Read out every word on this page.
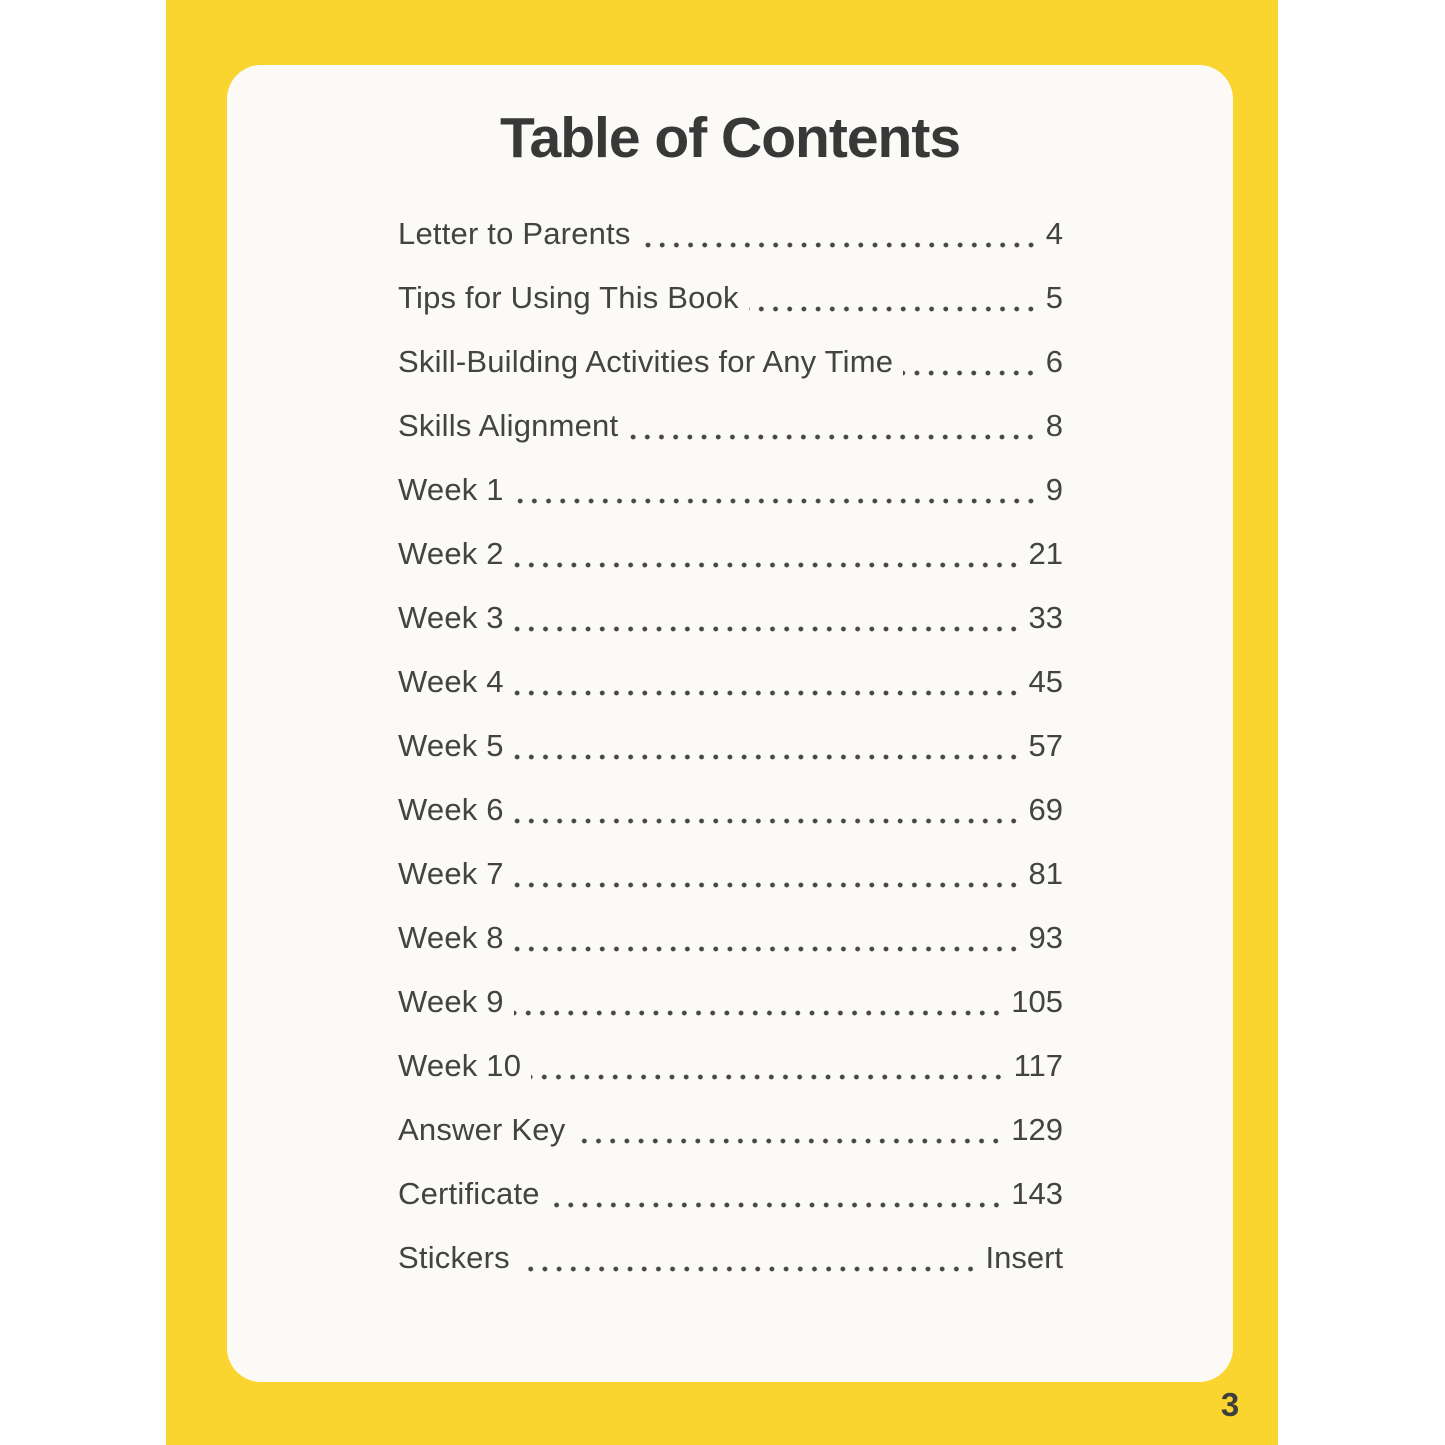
Table of Contents
Letter to Parents	4
Tips for Using This Book	5
Skill-Building Activities for Any Time	6
Skills Alignment	8
Week 1	9
Week 2	21
Week 3	33
Week 4	45
Week 5	57
Week 6	69
Week 7	81
Week 8	93
Week 9	105
Week 10	117
Answer Key	129
Certificate	143
Stickers	Insert
3
